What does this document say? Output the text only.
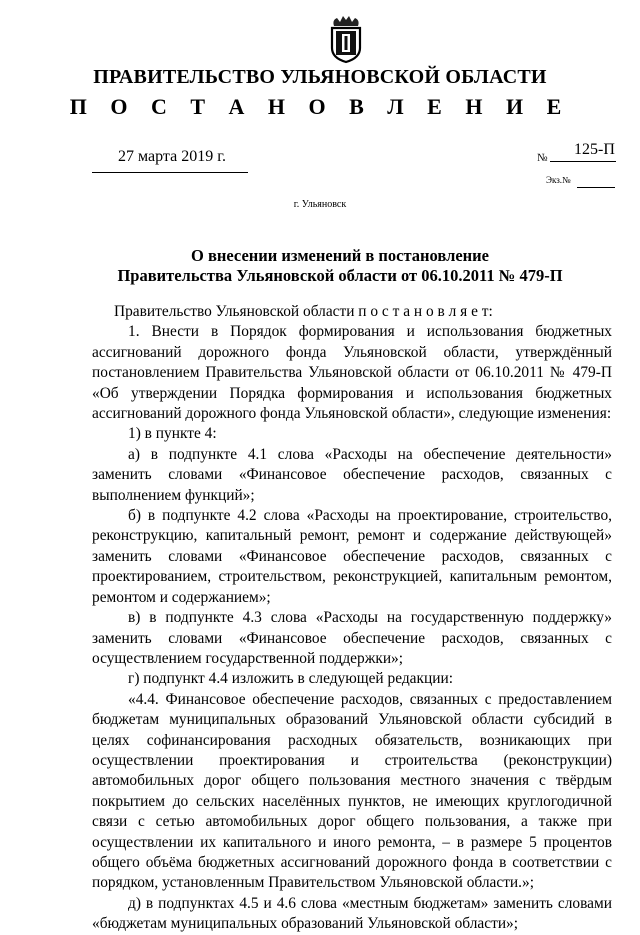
ПРАВИТЕЛЬСТВО УЛЬЯНОВСКОЙ ОБЛАСТИ
П О С Т А Н О В Л Е Н И Е
27 марта 2019 г.	№ 125-П
Экз.№
г. Ульяновск
О внесении изменений в постановление
Правительства Ульяновской области от 06.10.2011 № 479-П

Правительство Ульяновской области п о с т а н о в л я е т:

1. Внести в Порядок формирования и использования бюджетных ассигнований дорожного фонда Ульяновской области, утверждённый постановлением Правительства Ульяновской области от 06.10.2011 № 479-П «Об утверждении Порядка формирования и использования бюджетных ассигнований дорожного фонда Ульяновской области», следующие изменения:

1) в пункте 4:

а) в подпункте 4.1 слова «Расходы на обеспечение деятельности» заменить словами «Финансовое обеспечение расходов, связанных с выполнением функций»;

б) в подпункте 4.2 слова «Расходы на проектирование, строительство, реконструкцию, капитальный ремонт, ремонт и содержание действующей» заменить словами «Финансовое обеспечение расходов, связанных с проектированием, строительством, реконструкцией, капитальным ремонтом, ремонтом и содержанием»;

в) в подпункте 4.3 слова «Расходы на государственную поддержку» заменить словами «Финансовое обеспечение расходов, связанных с осуществлением государственной поддержки»;

г) подпункт 4.4 изложить в следующей редакции:

«4.4. Финансовое обеспечение расходов, связанных с предоставлением бюджетам муниципальных образований Ульяновской области субсидий в целях софинансирования расходных обязательств, возникающих при осуществлении проектирования и строительства (реконструкции) автомобильных дорог общего пользования местного значения с твёрдым покрытием до сельских населённых пунктов, не имеющих круглогодичной связи с сетью автомобильных дорог общего пользования, а также при осуществлении их капитального и иного ремонта, – в размере 5 процентов общего объёма бюджетных ассигнований дорожного фонда в соответствии с порядком, установленным Правительством Ульяновской области.»;

д) в подпунктах 4.5 и 4.6 слова «местным бюджетам» заменить словами «бюджетам муниципальных образований Ульяновской области»;
